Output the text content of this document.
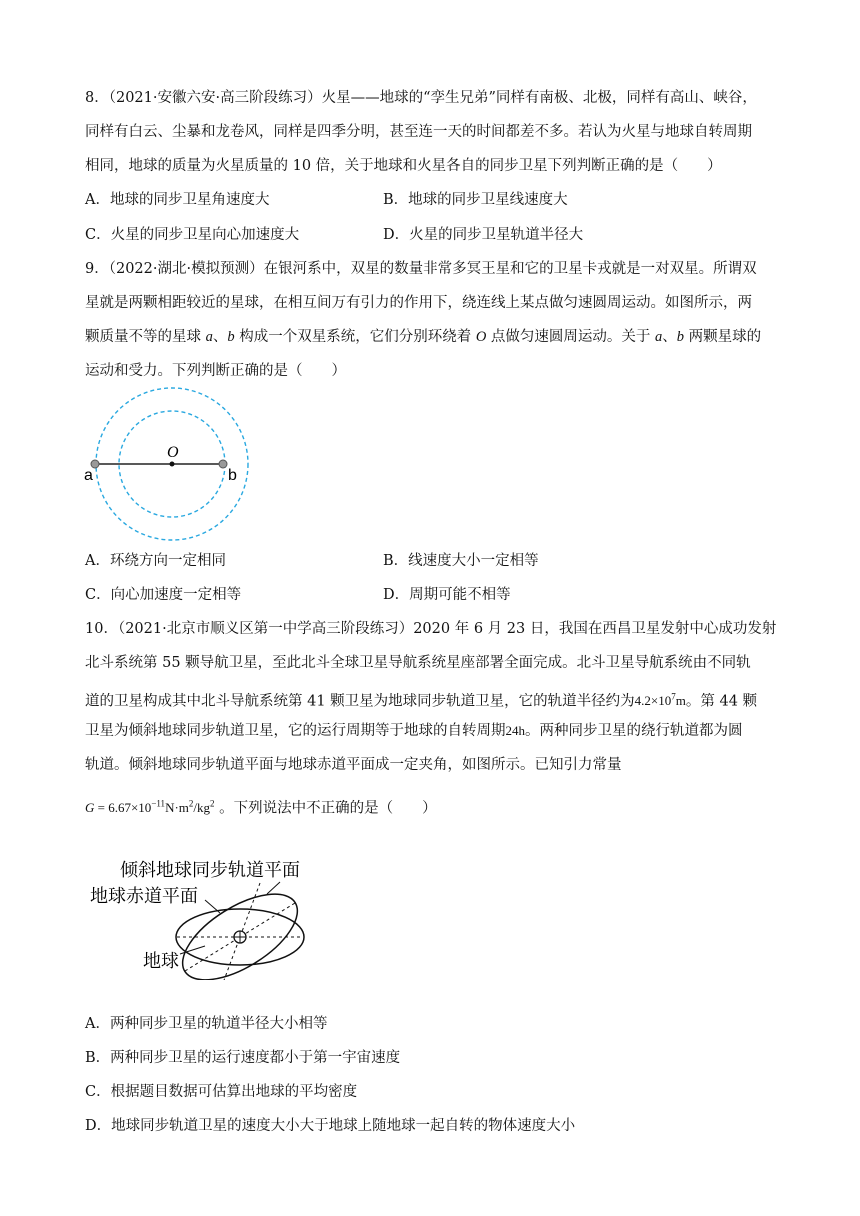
8．（2021·安徽六安·高三阶段练习）火星——地球的“孪生兄弟”同样有南极、北极，同样有高山、峡谷，
同样有白云、尘暴和龙卷风，同样是四季分明，甚至连一天的时间都差不多。若认为火星与地球自转周期
相同，地球的质量为火星质量的 10 倍，关于地球和火星各自的同步卫星下列判断正确的是（　　）
A．地球的同步卫星角速度大	B．地球的同步卫星线速度大
C．火星的同步卫星向心加速度大	D．火星的同步卫星轨道半径大
9．（2022·湖北·模拟预测）在银河系中，双星的数量非常多冥王星和它的卫星卡戎就是一对双星。所谓双
星就是两颗相距较近的星球，在相互间万有引力的作用下，绕连线上某点做匀速圆周运动。如图所示，两
颗质量不等的星球 a、b 构成一个双星系统，它们分别环绕着 O 点做匀速圆周运动。关于 a、b 两颗星球的
运动和受力。下列判断正确的是（　　）
O
a	b
A．环绕方向一定相同	B．线速度大小一定相等
C．向心加速度一定相等	D．周期可能不相等
10．（2021·北京市顺义区第一中学高三阶段练习）2020 年 6 月 23 日，我国在西昌卫星发射中心成功发射
北斗系统第 55 颗导航卫星，至此北斗全球卫星导航系统星座部署全面完成。北斗卫星导航系统由不同轨
道的卫星构成其中北斗导航系统第 41 颗卫星为地球同步轨道卫星，它的轨道半径约为$4.2\times 10^7m$。第 44 颗
卫星为倾斜地球同步轨道卫星，它的运行周期等于地球的自转周期24h。两种同步卫星的绕行轨道都为圆
轨道。倾斜地球同步轨道平面与地球赤道平面成一定夹角，如图所示。已知引力常量
$G = 6.67\times 10^{-11}N\cdot m^2/kg^2$ 。下列说法中不正确的是（　　）
倾斜地球同步轨道平面
地球赤道平面
地球
A．两种同步卫星的轨道半径大小相等
B．两种同步卫星的运行速度都小于第一宇宙速度
C．根据题目数据可估算出地球的平均密度
D．地球同步轨道卫星的速度大小大于地球上随地球一起自转的物体速度大小
